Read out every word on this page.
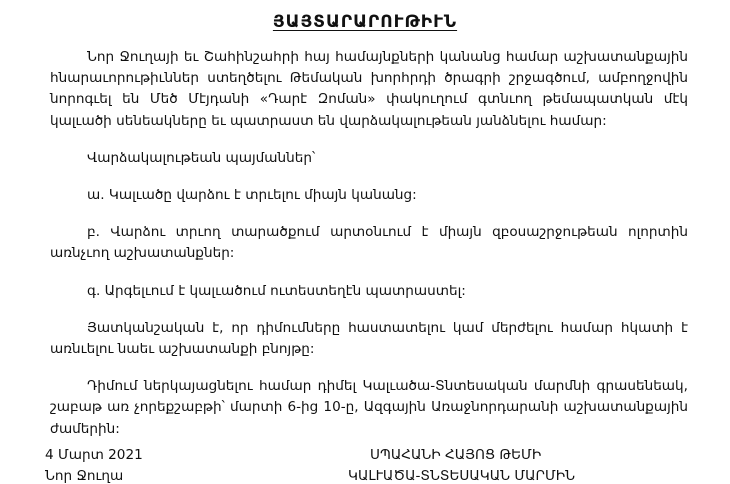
ՅԱՅՏԱՐԱՐՈՒԹԻՒՆ

Նոր Ջուղայի եւ Շահինշահրի հայ համայնքների կանանց համար աշխատանքային հնարաւորութիւններ ստեղծելու Թեմական խորհրդի ծրագրի շրջագծում, ամբողջովին նորոգւել են Մեծ Մէյդանի «Դարէ Զոման» փակուղում գտնւող թեմապատկան մէկ կալւածի սենեակները եւ պատրաստ են վարձակալութեան յանձնելու համար:

Վարձակալութեան պայմաններ՝

ա. Կալւածը վարձու է տրւելու միայն կանանց:

բ. Վարձու տրւող տարածքում արտօնւում է միայն զբօսաշրջութեան ոլորտին առնչւող աշխատանքներ:

գ. Արգելւում է կալւածում ուտեստեղէն պատրաստել:

Յատկանշական է, որ դիմումները հաստատելու կամ մերժելու համար հկատի է առնւելու նաեւ աշխատանքի բնոյթը:

Դիմում ներկայացնելու համար դիմել Կալւածա-Տնտեսական մարմնի գրասենեակ, շաբաթ առ չորեքշաբթի՝ մարտի 6-ից 10-ը, Ազգային Առաջնորդարանի աշխատանքային ժամերին:

4 Մարտ 2021
Նոր Ջուղա
ՍՊԱՀԱՆԻ ՀԱՅՈՑ ԹԵՄԻ
ԿԱԼՒԱԾԱ-ՏՆՏԵՍԱԿԱՆ ՄԱՐՄԻՆ
